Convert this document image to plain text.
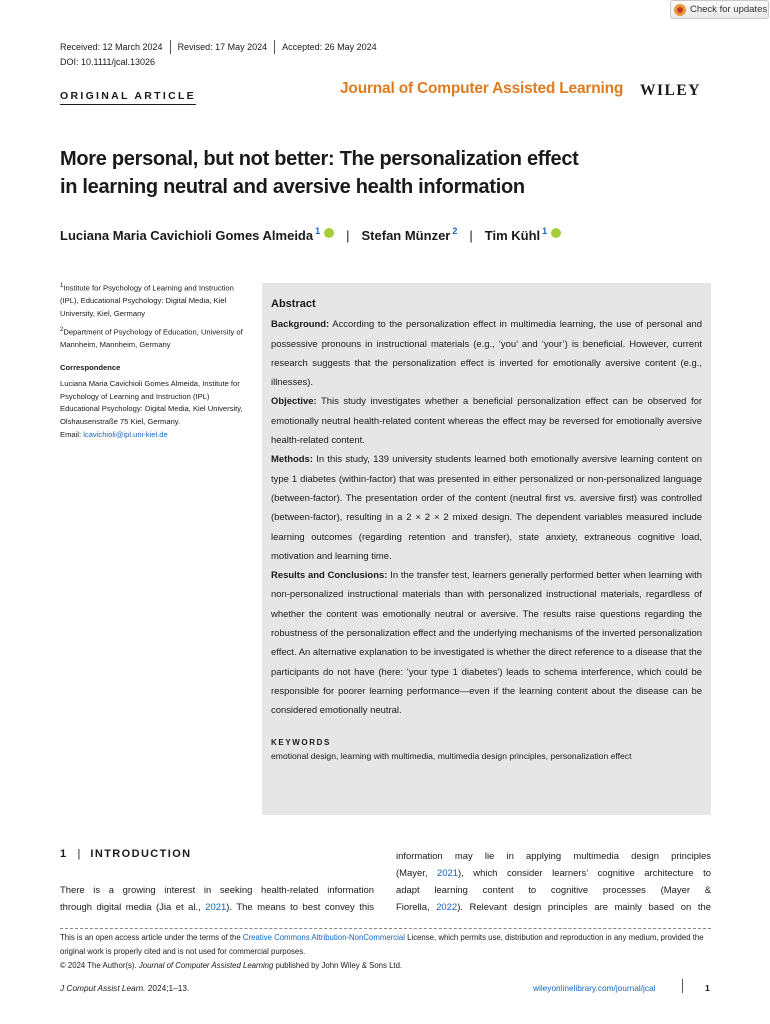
Check for updates
Received: 12 March 2024 Revised: 17 May 2024 Accepted: 26 May 2024
DOI: 10.1111/jcal.13026
ORIGINAL ARTICLE	Journal of Computer Assisted Learning WILEY
More personal, but not better: The personalization effect
in learning neutral and aversive health information
Luciana Maria Cavichioli Gomes Almeida$^1$ | Stefan Münzer$^2$ | Tim Kühl$^1$

$^1$Institute for Psychology of Learning and Instruction (IPL), Educational Psychology: Digital Media, Kiel University, Kiel, Germany

$^2$Department of Psychology of Education, University of Mannheim, Mannheim, Germany

Correspondence

Luciana Maria Cavichioli Gomes Almeida, Institute for Psychology of Learning and Instruction (IPL) Educational Psychology: Digital Media, Kiel University, Olshausenstraße 75 Kiel, Germany.
Email: lcavichioli@ipl.uni-kiel.de

Abstract
Background: According to the personalization effect in multimedia learning, the use of personal and possessive pronouns in instructional materials (e.g., ‘you’ and ‘your’) is beneficial. However, current research suggests that the personalization effect is inverted for emotionally aversive content (e.g., illnesses).
Objective: This study investigates whether a beneficial personalization effect can be observed for emotionally neutral health-related content whereas the effect may be reversed for emotionally aversive health-related content.
Methods: In this study, 139 university students learned both emotionally aversive learning content on type 1 diabetes (within-factor) that was presented in either personalized or non-personalized language (between-factor). The presentation order of the content (neutral first vs. aversive first) was controlled (between-factor), resulting in a 2 × 2 × 2 mixed design. The dependent variables measured include learning outcomes (regarding retention and transfer), state anxiety, extraneous cognitive load, motivation and learning time.
Results and Conclusions: In the transfer test, learners generally performed better when learning with non-personalized instructional materials than with personalized instructional materials, regardless of whether the content was emotionally neutral or aversive. The results raise questions regarding the robustness of the personalization effect and the underlying mechanisms of the inverted personalization effect. An alternative explanation to be investigated is whether the direct reference to a disease that the participants do not have (here: ‘your type 1 diabetes’) leads to schema interference, which could be responsible for poorer learning performance—even if the learning content about the disease can be considered emotionally neutral.
KEYWORDS
emotional design, learning with multimedia, multimedia design principles, personalization effect
1 | INTRODUCTION
There is a growing interest in seeking health-related information
through digital media (Jia et al., 2021). The means to best convey this
information may lie in applying multimedia design principles
(Mayer, 2021), which consider learners’ cognitive architecture to
adapt learning content to cognitive processes (Mayer &
Fiorella, 2022). Relevant design principles are mainly based on the
This is an open access article under the terms of the Creative Commons Attribution-NonCommercial License, which permits use, distribution and reproduction in any medium, provided the original work is properly cited and is not used for commercial purposes.
© 2024 The Author(s). Journal of Computer Assisted Learning published by John Wiley & Sons Ltd.
J Comput Assist Learn. 2024;1–13.	wileyonlinelibrary.com/journal/jcal	1
